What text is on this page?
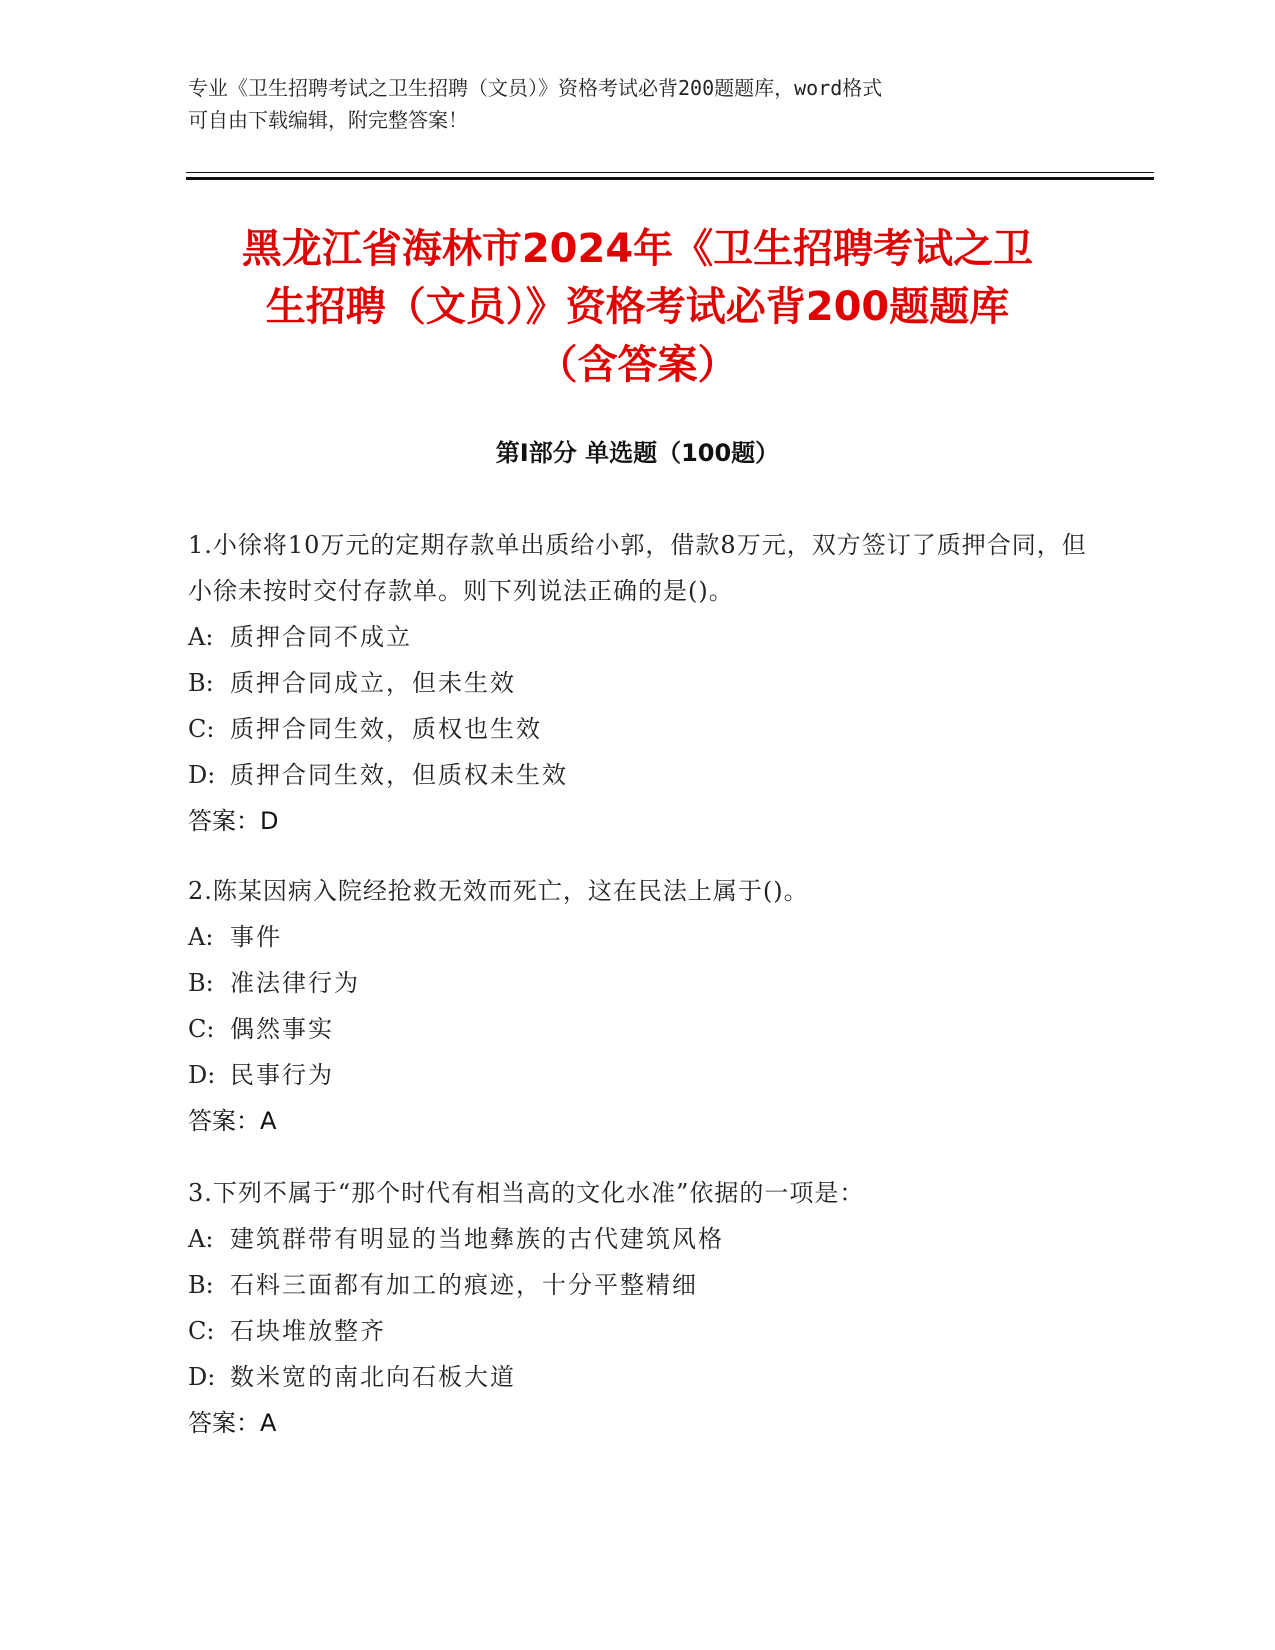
专业《卫生招聘考试之卫生招聘（文员）》资格考试必背200题题库，word格式
可自由下载编辑，附完整答案！
黑龙江省海林市2024年《卫生招聘考试之卫
生招聘（文员）》资格考试必背200题题库
（含答案）
第Ⅰ部分 单选题（100题）
1.小徐将10万元的定期存款单出质给小郭，借款8万元，双方签订了质押合同，但小徐未按时交付存款单。则下列说法正确的是()。
A: 质押合同不成立
B: 质押合同成立，但未生效
C: 质押合同生效，质权也生效
D: 质押合同生效，但质权未生效
答案：D
2.陈某因病入院经抢救无效而死亡，这在民法上属于()。
A: 事件
B: 准法律行为
C: 偶然事实
D: 民事行为
答案：A
3.下列不属于“那个时代有相当高的文化水准”依据的一项是：
A: 建筑群带有明显的当地彝族的古代建筑风格
B: 石料三面都有加工的痕迹，十分平整精细
C: 石块堆放整齐
D: 数米宽的南北向石板大道
答案：A
